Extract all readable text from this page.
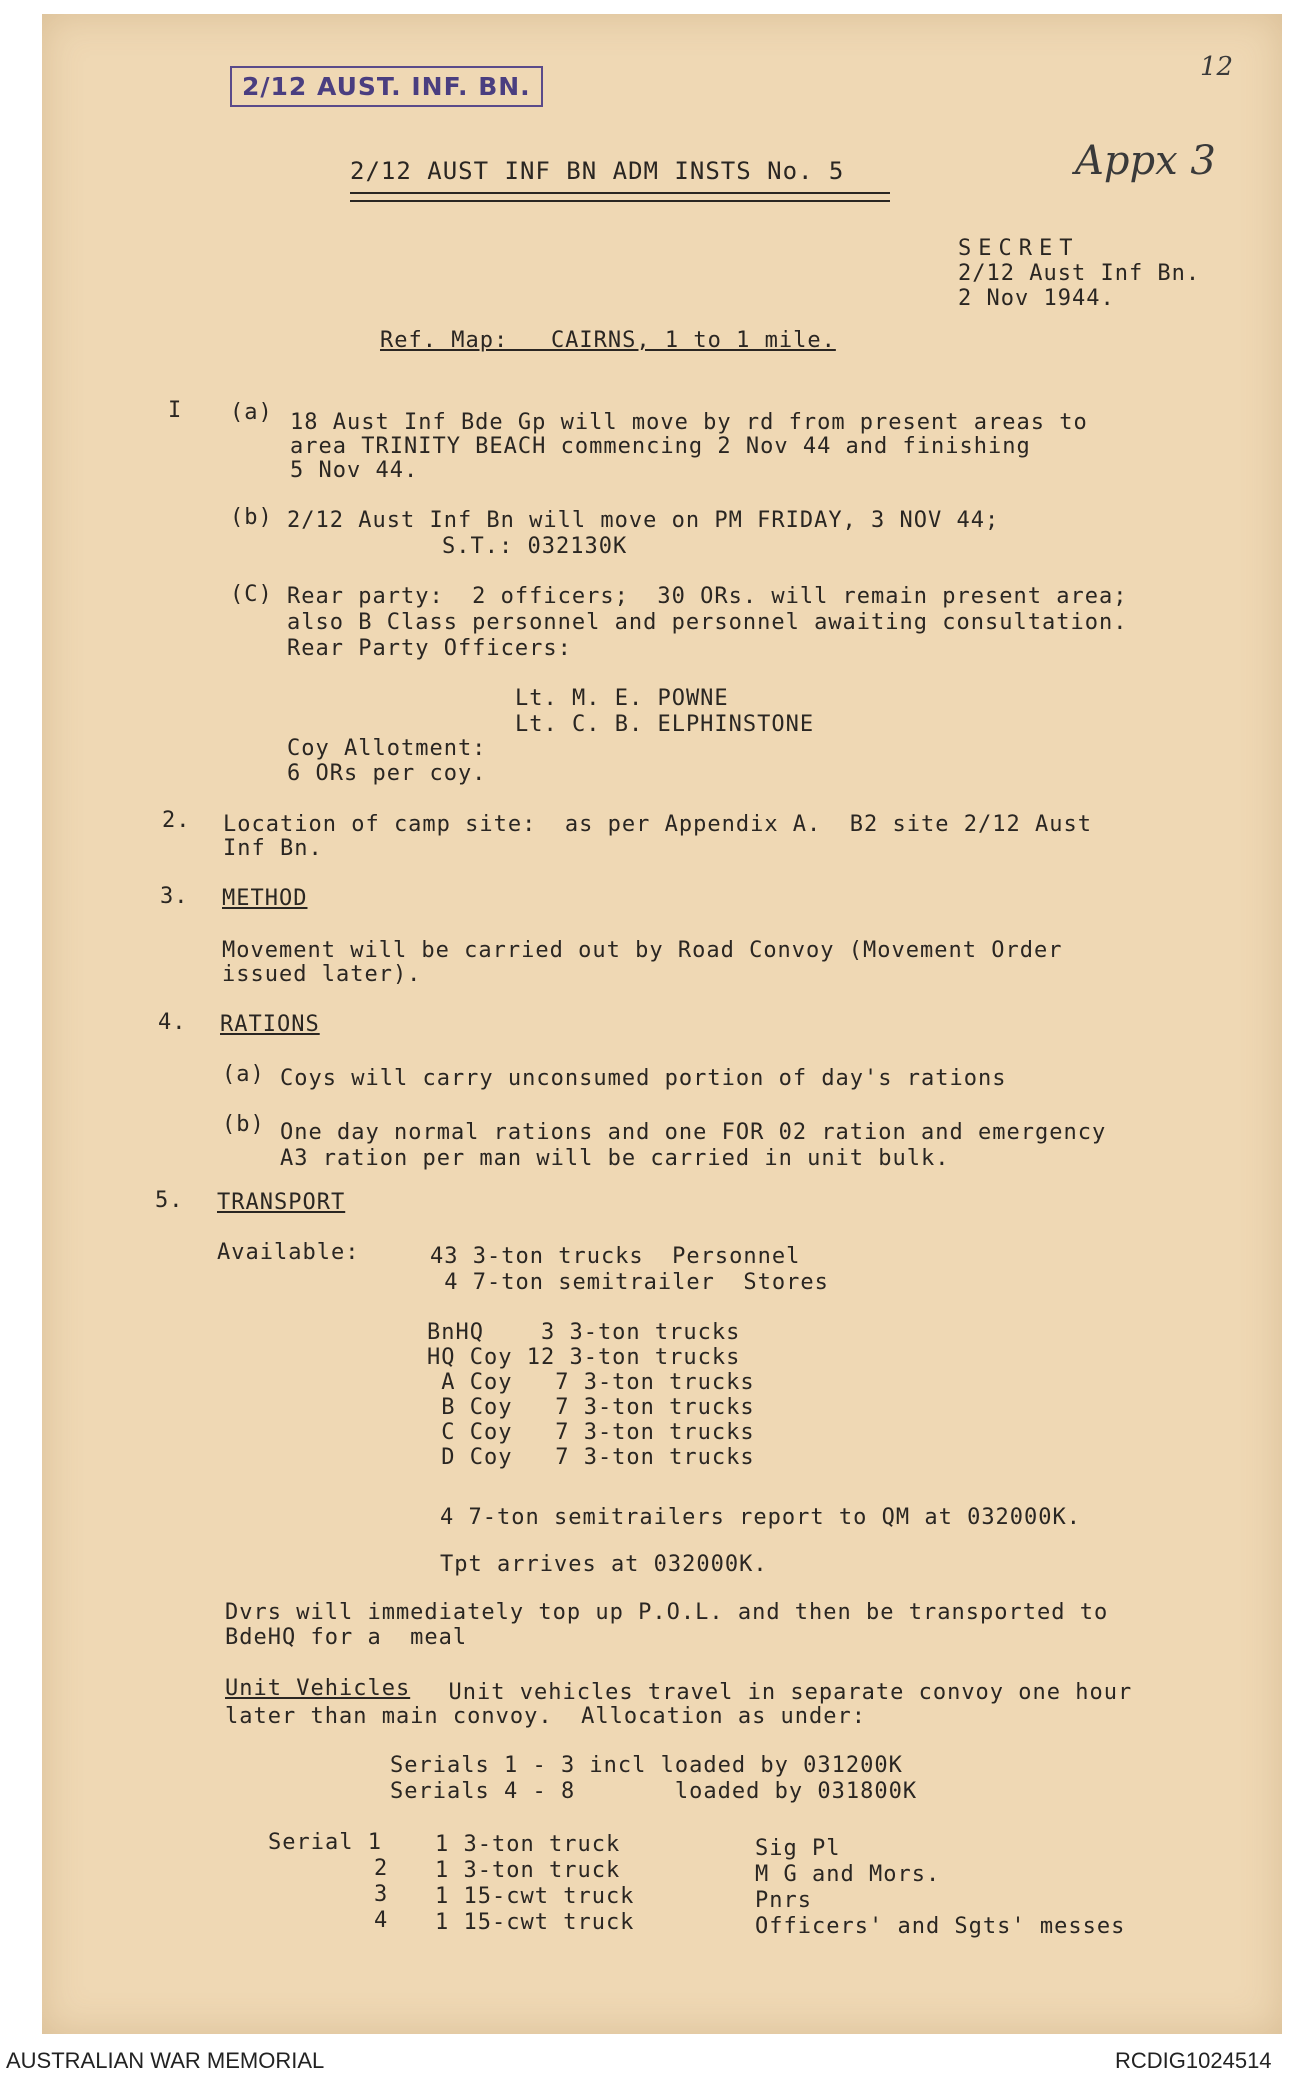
2/12 AUST. INF. BN.
12
Appx 3
2/12 AUST INF BN ADM INSTS No. 5
SECRET
2/12 Aust Inf Bn.
2 Nov 1944.
Ref. Map:   CAIRNS, 1 to 1 mile.
I (a) 18 Aust Inf Bde Gp will move by rd from present areas to
area TRINITY BEACH commencing 2 Nov 44 and finishing
5 Nov 44.
(b) 2/12 Aust Inf Bn will move on PM FRIDAY, 3 NOV 44;
S.T.: 032130K
(C) Rear party:  2 officers;  30 ORs. will remain present area;
also B Class personnel and personnel awaiting consultation.
Rear Party Officers:
Lt. M. E. POWNE
Lt. C. B. ELPHINSTONE
Coy Allotment:
6 ORs per coy.
2. Location of camp site:  as per Appendix A.  B2 site 2/12 Aust
Inf Bn.
3. METHOD
Movement will be carried out by Road Convoy (Movement Order
issued later).
4. RATIONS
(a) Coys will carry unconsumed portion of day's rations
(b) One day normal rations and one FOR 02 ration and emergency
A3 ration per man will be carried in unit bulk.
5. TRANSPORT
Available:	43 3-ton trucks  Personnel
4 7-ton semitrailer  Stores
BnHQ    3 3-ton trucks
HQ Coy 12 3-ton trucks
A Coy   7 3-ton trucks
B Coy   7 3-ton trucks
C Coy   7 3-ton trucks
D Coy   7 3-ton trucks
4 7-ton semitrailers report to QM at 032000K.
Tpt arrives at 032000K.
Dvrs will immediately top up P.O.L. and then be transported to
BdeHQ for a  meal
Unit Vehicles Unit vehicles travel in separate convoy one hour
later than main convoy.  Allocation as under:
Serials 1 - 3 incl loaded by 031200K
Serials 4 - 8       loaded by 031800K
Serial 1 1 3-ton truck	Sig Pl
2 1 3-ton truck	M G and Mors.
3 1 15-cwt truck	Pnrs
4 1 15-cwt truck	Officers' and Sgts' messes
AUSTRALIAN WAR MEMORIAL	RCDIG1024514
